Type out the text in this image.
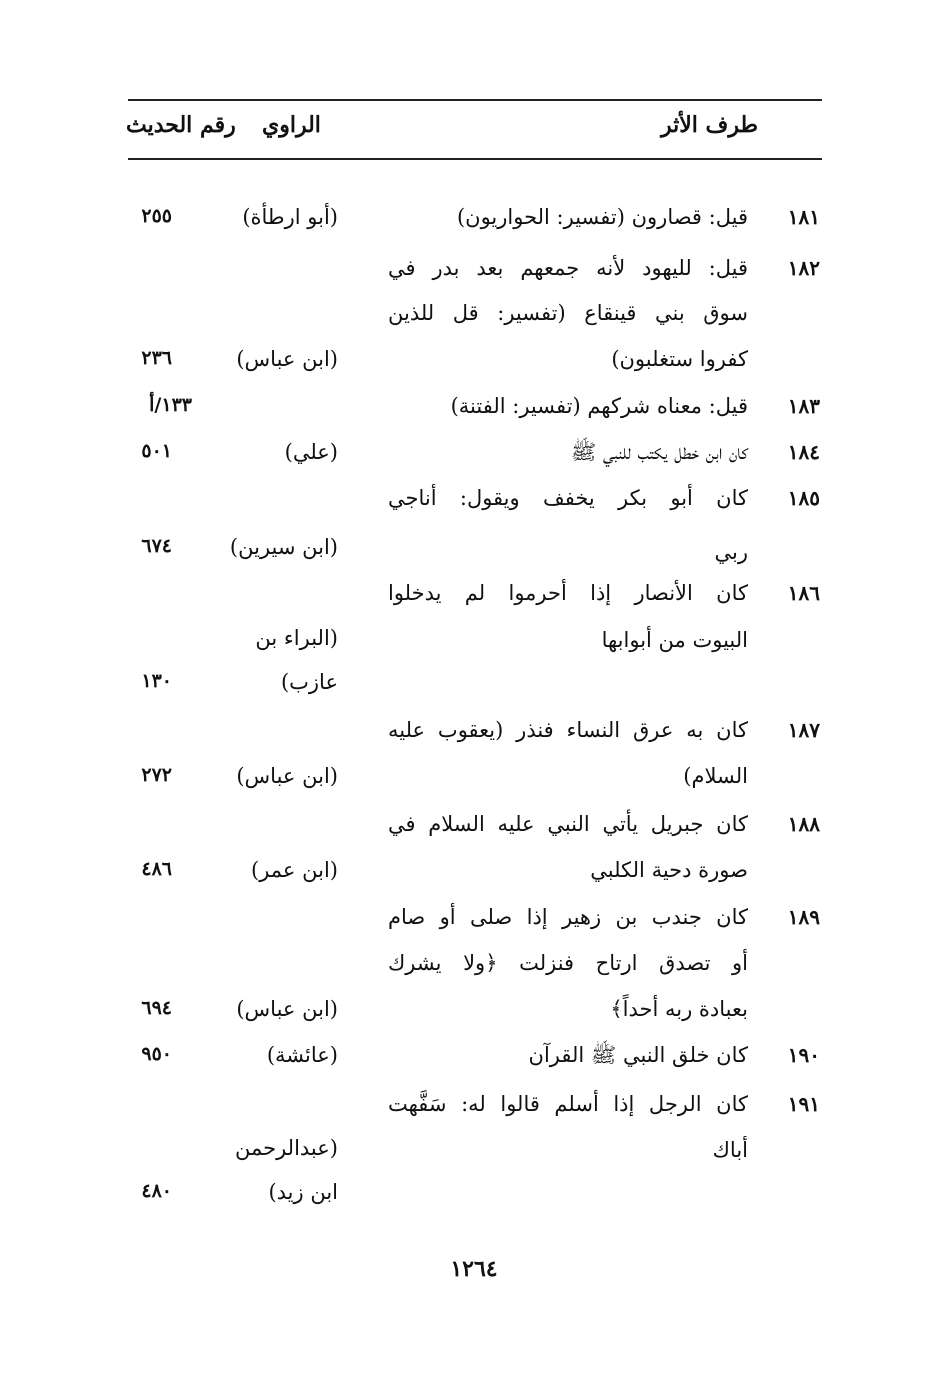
رقم الحديث الراوي	طرف الأثر
١٨١
قيل: قصارون (تفسير: الحواريون)
(أبو ارطأة)
٢٥٥
١٨٢
قيل: لليهود لأنه جمعهم بعد بدر في
سوق بني قينقاع (تفسير: قل للذين
كفروا ستغلبون)
(ابن عباس)
٢٣٦
١٨٣
قيل: معناه شركهم (تفسير: الفتنة)
١٣٣/أ
١٨٤
كان ابن خطل يكتب للنبي ﷺ
(علي)
٥٠١
١٨٥
كان أبو بكر يخفف ويقول: أناجي
ربي
(ابن سيرين)
٦٧٤
١٨٦
كان الأنصار إذا أحرموا لم يدخلوا
البيوت من أبوابها
(البراء بن
عازب)
١٣٠
١٨٧
كان به عرق النساء فنذر (يعقوب عليه
السلام)
(ابن عباس)
٢٧٢
١٨٨
كان جبريل يأتي النبي عليه السلام في
صورة دحية الكلبي
(ابن عمر)
٤٨٦
١٨٩
كان جندب بن زهير إذا صلى أو صام
أو تصدق ارتاح فنزلت ﴿ولا يشرك
بعبادة ربه أحداً﴾
(ابن عباس)
٦٩٤
١٩٠
كان خلق النبي ﷺ القرآن
(عائشة)
٩٥٠
١٩١
كان الرجل إذا أسلم قالوا له: سَفَّهت
أباك
(عبدالرحمن
ابن زيد)
٤٨٠
١٢٦٤
